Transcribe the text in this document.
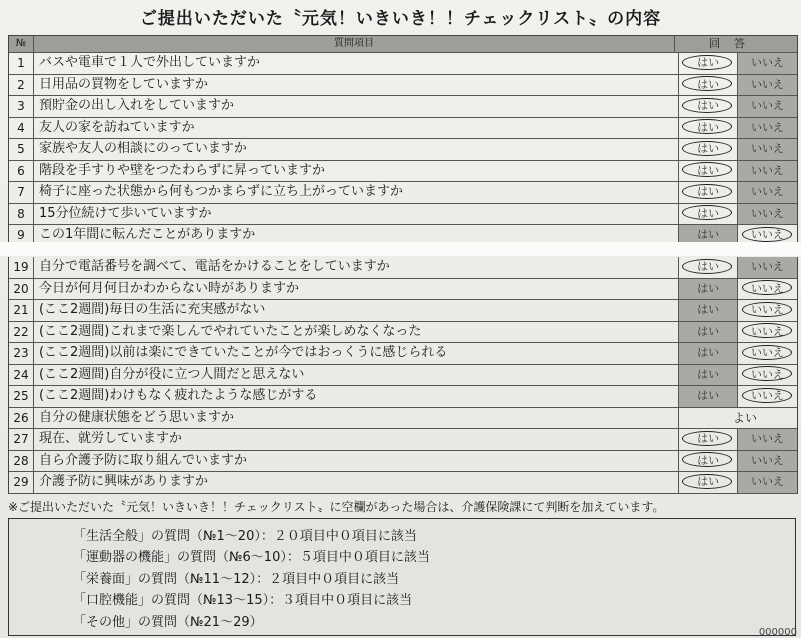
ご提出いただいた〝元気！いきいき！！チェックリスト〟の内容
№	質問項目	回答
1	バスや電車で１人で外出していますか	はい	いいえ
2	日用品の買物をしていますか	はい	いいえ
3	預貯金の出し入れをしていますか	はい	いいえ
4	友人の家を訪ねていますか	はい	いいえ
5	家族や友人の相談にのっていますか	はい	いいえ
6	階段を手すりや壁をつたわらずに昇っていますか	はい	いいえ
7	椅子に座った状態から何もつかまらずに立ち上がっていますか	はい	いいえ
8	15分位続けて歩いていますか	はい	いいえ
9	この1年間に転んだことがありますか	はい	いいえ
19 自分で電話番号を調べて、電話をかけることをしていますか	はい	いいえ
20 今日が何月何日かわからない時がありますか	はい	いいえ
21 (ここ2週間)毎日の生活に充実感がない	はい	いいえ
22 (ここ2週間)これまで楽しんでやれていたことが楽しめなくなった	はい	いいえ
23 (ここ2週間)以前は楽にできていたことが今ではおっくうに感じられる	はい	いいえ
24 (ここ2週間)自分が役に立つ人間だと思えない	はい	いいえ
25 (ここ2週間)わけもなく疲れたような感じがする	はい	いいえ
26 自分の健康状態をどう思いますか	よい
27 現在、就労していますか	はい	いいえ
28 自ら介護予防に取り組んでいますか	はい	いいえ
29 介護予防に興味がありますか	はい	いいえ
※ご提出いただいた〝元気！いきいき！！チェックリスト〟に空欄があった場合は、介護保険課にて判断を加えています。
「生活全般」の質問（№1〜20）：２０項目中０項目に該当
「運動器の機能」の質問（№6〜10）：５項目中０項目に該当
「栄養面」の質問（№11〜12）：２項目中０項目に該当
「口腔機能」の質問（№13〜15）：３項目中０項目に該当
「その他」の質問（№21〜29）
000000
